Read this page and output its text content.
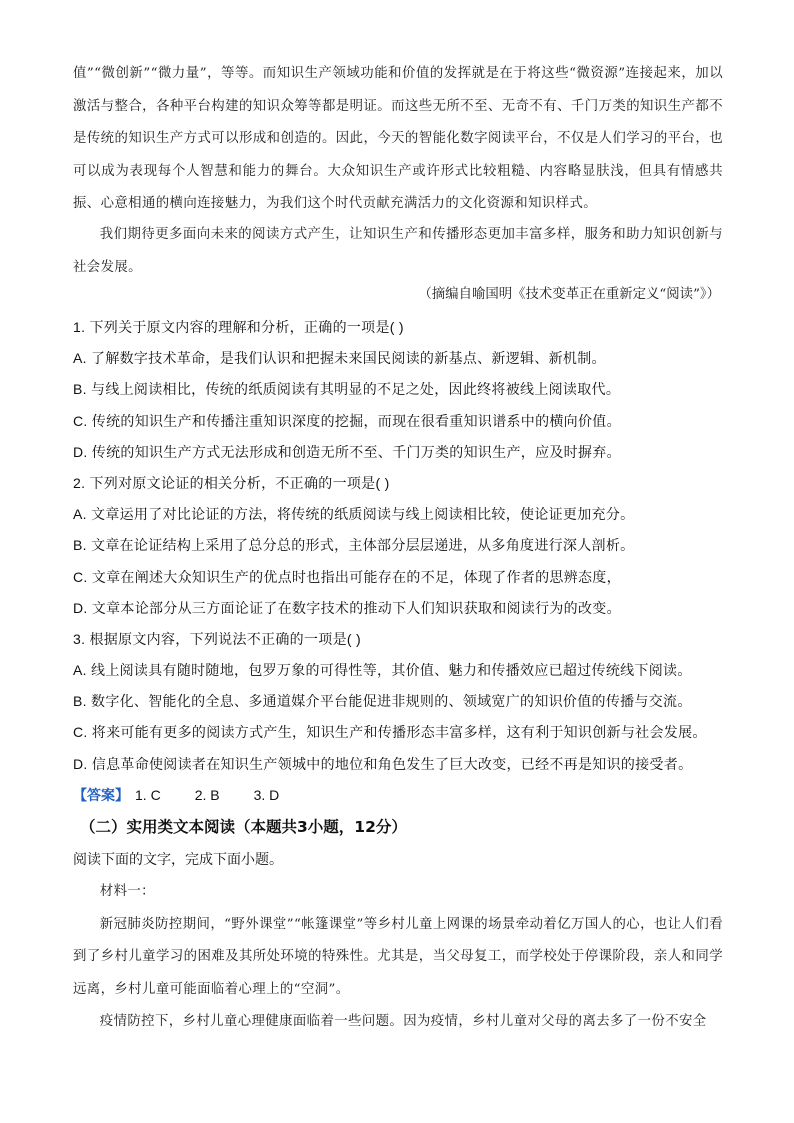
值”“微创新”“微力量”，等等。而知识生产领域功能和价值的发挥就是在于将这些“微资源”连接起来，加以激活与整合，各种平台构建的知识众筹等都是明证。而这些无所不至、无奇不有、千门万类的知识生产都不是传统的知识生产方式可以形成和创造的。因此，今天的智能化数字阅读平台，不仅是人们学习的平台，也可以成为表现每个人智慧和能力的舞台。大众知识生产或许形式比较粗糙、内容略显肤浅，但具有情感共振、心意相通的横向连接魅力，为我们这个时代贡献充满活力的文化资源和知识样式。

我们期待更多面向未来的阅读方式产生，让知识生产和传播形态更加丰富多样，服务和助力知识创新与社会发展。

（摘编自喻国明《技术变革正在重新定义“阅读”》）
1. 下列关于原文内容的理解和分析，正确的一项是( )
A. 了解数字技术革命，是我们认识和把握未来国民阅读的新基点、新逻辑、新机制。
B. 与线上阅读相比，传统的纸质阅读有其明显的不足之处，因此终将被线上阅读取代。
C. 传统的知识生产和传播注重知识深度的挖掘，而现在很看重知识谱系中的横向价值。
D. 传统的知识生产方式无法形成和创造无所不至、千门万类的知识生产，应及时摒弃。
2. 下列对原文论证的相关分析，不正确的一项是( )
A. 文章运用了对比论证的方法，将传统的纸质阅读与线上阅读相比较，使论证更加充分。
B. 文章在论证结构上采用了总分总的形式，主体部分层层递进，从多角度进行深人剖析。
C. 文章在阐述大众知识生产的优点时也指出可能存在的不足，体现了作者的思辨态度，
D. 文章本论部分从三方面论证了在数字技术的推动下人们知识获取和阅读行为的改变。
3. 根据原文内容，下列说法不正确的一项是( )
A. 线上阅读具有随时随地，包罗万象的可得性等，其价值、魅力和传播效应已超过传统线下阅读。
B. 数字化、智能化的全息、多通道媒介平台能促进非规则的、领域宽广的知识价值的传播与交流。
C. 将来可能有更多的阅读方式产生，知识生产和传播形态丰富多样，这有利于知识创新与社会发展。
D. 信息革命使阅读者在知识生产领城中的地位和角色发生了巨大改变，已经不再是知识的接受者。
【答案】 1. C 2. B 3. D
（二）实用类文本阅读（本题共3小题，12分）
阅读下面的文字，完成下面小题。

材料一：

新冠肺炎防控期间，“野外课堂”“帐篷课堂”等乡村儿童上网课的场景牵动着亿万国人的心，也让人们看到了乡村儿童学习的困难及其所处环境的特殊性。尤其是，当父母复工，而学校处于停课阶段，亲人和同学远离，乡村儿童可能面临着心理上的“空洞”。

疫情防控下，乡村儿童心理健康面临着一些问题。因为疫情，乡村儿童对父母的离去多了一份不安全
